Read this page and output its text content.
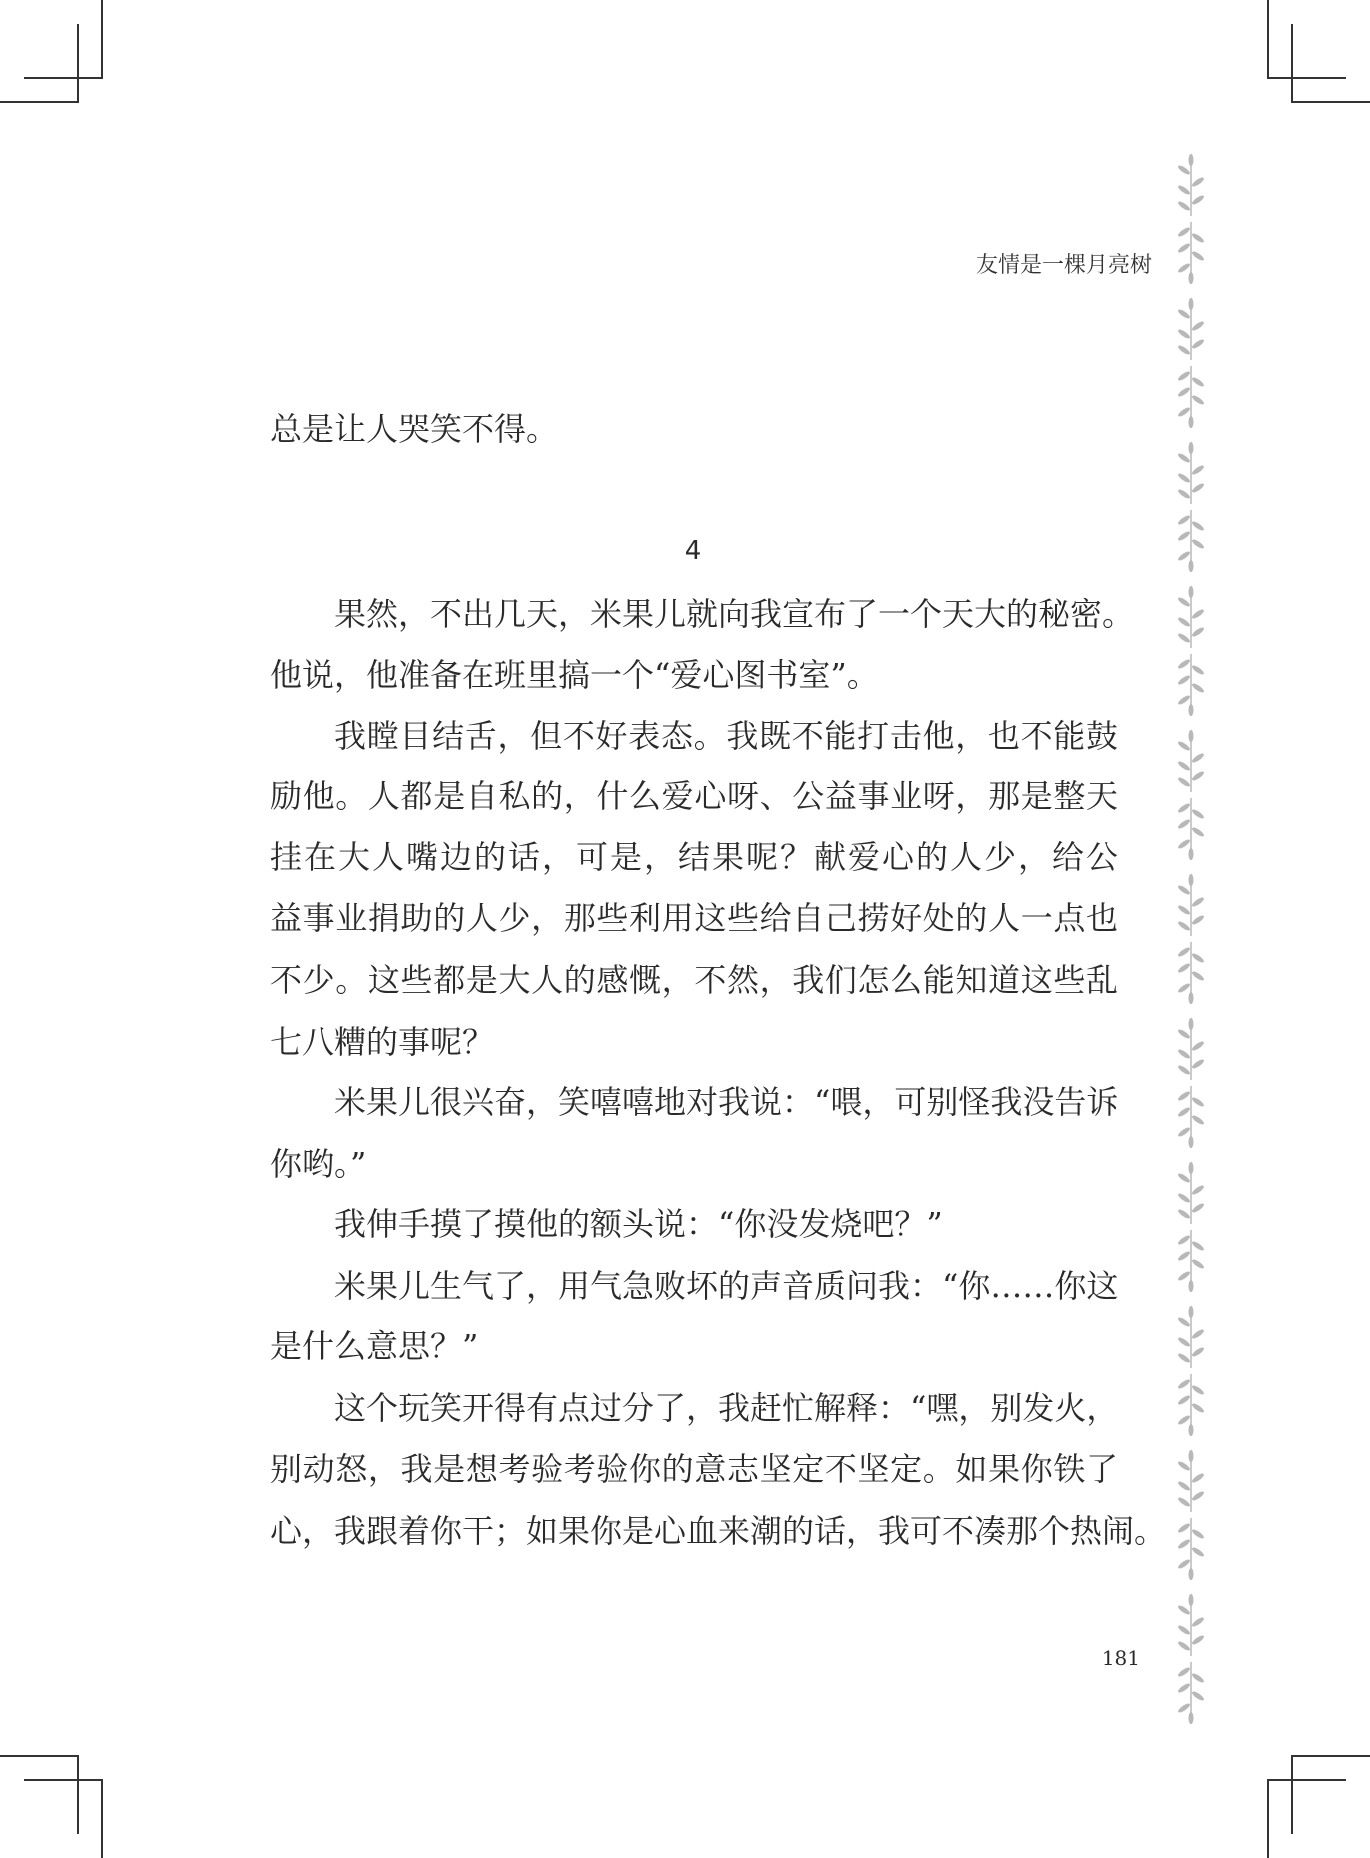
友情是一棵月亮树
4
总是让人哭笑不得。
果然，不出几天，米果儿就向我宣布了一个天大的秘密。
他说，他准备在班里搞一个“爱心图书室”。
我瞠目结舌，但不好表态。我既不能打击他，也不能鼓
励他。人都是自私的，什么爱心呀、公益事业呀，那是整天
挂在大人嘴边的话，可是，结果呢？献爱心的人少，给公
益事业捐助的人少，那些利用这些给自己捞好处的人一点也
不少。这些都是大人的感慨，不然，我们怎么能知道这些乱
七八糟的事呢？
米果儿很兴奋，笑嘻嘻地对我说：“喂，可别怪我没告诉
你哟。”
我伸手摸了摸他的额头说：“你没发烧吧？”
米果儿生气了，用气急败坏的声音质问我：“你……你这
是什么意思？”
这个玩笑开得有点过分了，我赶忙解释：“嘿，别发火，
别动怒，我是想考验考验你的意志坚定不坚定。如果你铁了
心，我跟着你干；如果你是心血来潮的话，我可不凑那个热闹。
181
